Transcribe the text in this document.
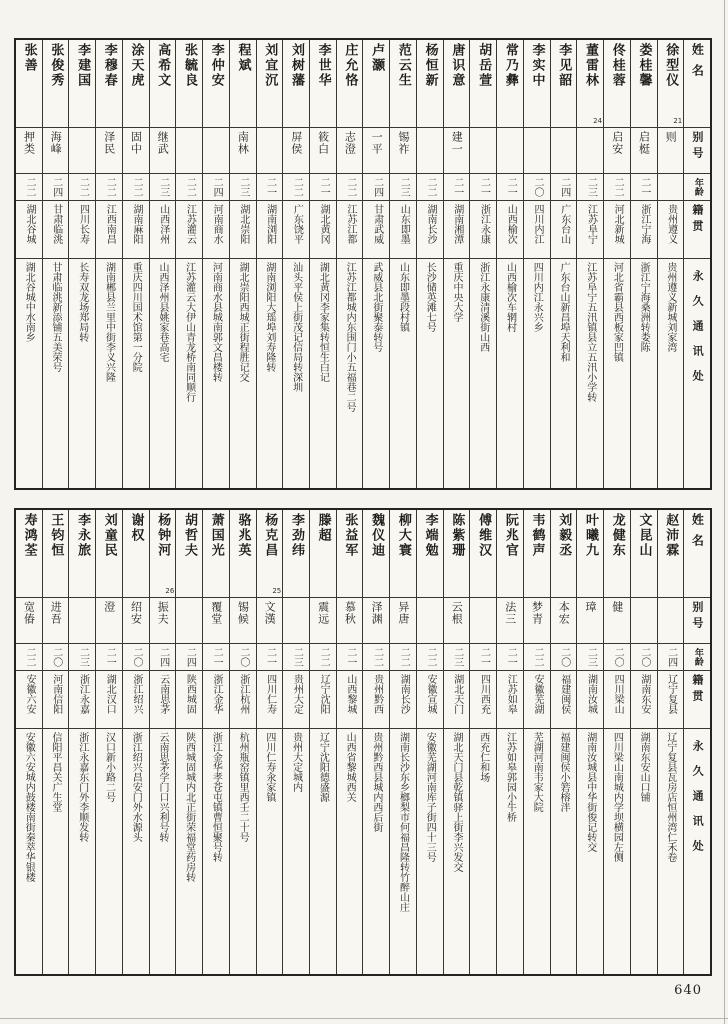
姓名
别号
年龄
籍贯
永久通讯处
徐型仪
21
则
贵州遵义
贵州遵义新城刘家湾
娄桂馨
启梃
二一
浙江宁海
浙江宁海桑洲转娄陈
佟桂蓉
启安
二二
河北新城
河北省霸县西板家凹镇
董雷林
24
二三
江苏阜宁
江苏阜宁五汛镇县立五汛小学转
李见韶
二四
广东台山
广东台山新昌埠天利和
李实中
二〇
四川内江
四川内江永兴乡
常乃彝
二一
山西榆次
山西榆次车辋村
胡岳萱
二一
浙江永康
浙江永康清溪街山西
唐识意
建一
二一
湖南湘潭
重庆中央大学
杨恒新
二二
湖南长沙
长沙储英滩七号
范云生
锡祚
二三
山东即墨
山东即墨段村镇
卢灏
一平
二四
甘肃武威
武威县北街聚泰转号
庄允恪
志澄
二二
江苏江都
江苏江都城内东围门小五福巷二号
李世华
筱白
二一
湖北黄冈
湖北黄冈李家集转恒生白记
刘树藩
屏侯
二二
广东饶平
汕头平侯上街茂记信局转深圳
刘宜沉
二一
湖南浏阳
湖南浏阳大瑶埠刘寿隆转
程斌
南林
二三
湖北崇阳
湖北崇阳西城正街程胜记交
李仲安
二四
河南商水
河南商水县城南郭文昌楼转
张毓良
二二
江苏灌云
江苏灌云大伊山青龙桥南同顺行
高希文
继武
二三
山西泽州
山西泽州县姚家巷高宅
涂天虎
固中
二二
湖南麻阳
重庆四川国术馆第一分院
李穆春
泽民
二二
江西南昌
湖南郴县兰里中街李义兴隆
李建国
二二
四川长寿
长寿双龙场郑局转
张俊秀
海峰
二四
甘肃临洮
甘肃临洮新添铺五美荣号
张善
押类
二二
湖北谷城
湖北谷城中水南乡
姓名
别号
年龄
籍贯
永久通讯处
赵沛霖
二四
辽宁复县
辽宁复县瓦房店恒州湾仁禾卷
文昆山
二〇
湖南东安
湖南东安山口铺
龙健东
健
二〇
四川梁山
四川梁山南城内学坝横园左侧
叶曦九
璋
二三
湖南汝城
湖南汝城县中华街俊记转交
刘毅丞
本宏
二〇
福建闽侯
福建闽侯小箬榕泮
韦鹤声
梦青
二二
安徽芜湖
芜湖河南韦家大院
阮兆官
法三
二一
江苏如皋
江苏如皋郭园小牛桥
傅维汉
二一
四川西充
西充仁和场
陈紫珊
云根
二三
湖北天门
湖北天门县乾镇驿上街李兴发交
李端勉
二二
安徽宣城
安徽芜湖河南库子街四十三号
柳大寰
异唐
二二
湖南长沙
湖南长沙东乡榔梨市何福昌隆转竹醉山庄
魏仪迪
泽渊
二二
贵州黔西
贵州黔西县城内西后街
张益军
慕秋
二一
山西黎城
山西省黎城西关
滕超
震远
二二
辽宁沈阳
辽宁沈阳德盛源
李劲纬
二三
贵州大定
贵州大定城内
杨克昌
25
文漢
二一
四川仁寿
四川仁寿汆家镇
骆兆英
锡候
二〇
浙江杭州
杭州瓶窑镇里西壬二十号
萧国光
覆堂
二一
浙江金华
浙江金华孝苍屯镇曹恒聚号转
胡哲夫
二四
陕西城固
陕西城固城内北正街荣福堂药房转
杨钟河
26
振夫
二四
云南思茅
云南思茅学门口兴利号转
谢权
绍安
二〇
浙江绍兴
浙江绍兴昌安门外水源头
刘童民
澄
二一
湖北汉口
汉口新小路二号
李永旅
二三
浙江永嘉
浙江永嘉东门外李顺发转
王钧恒
进吾
二〇
河南信阳
信阳平昌关广生堂
寿鸿荃
宽偆
二二
安徽六安
安徽六安城内鼓楼南街秦萃华银楼
640
